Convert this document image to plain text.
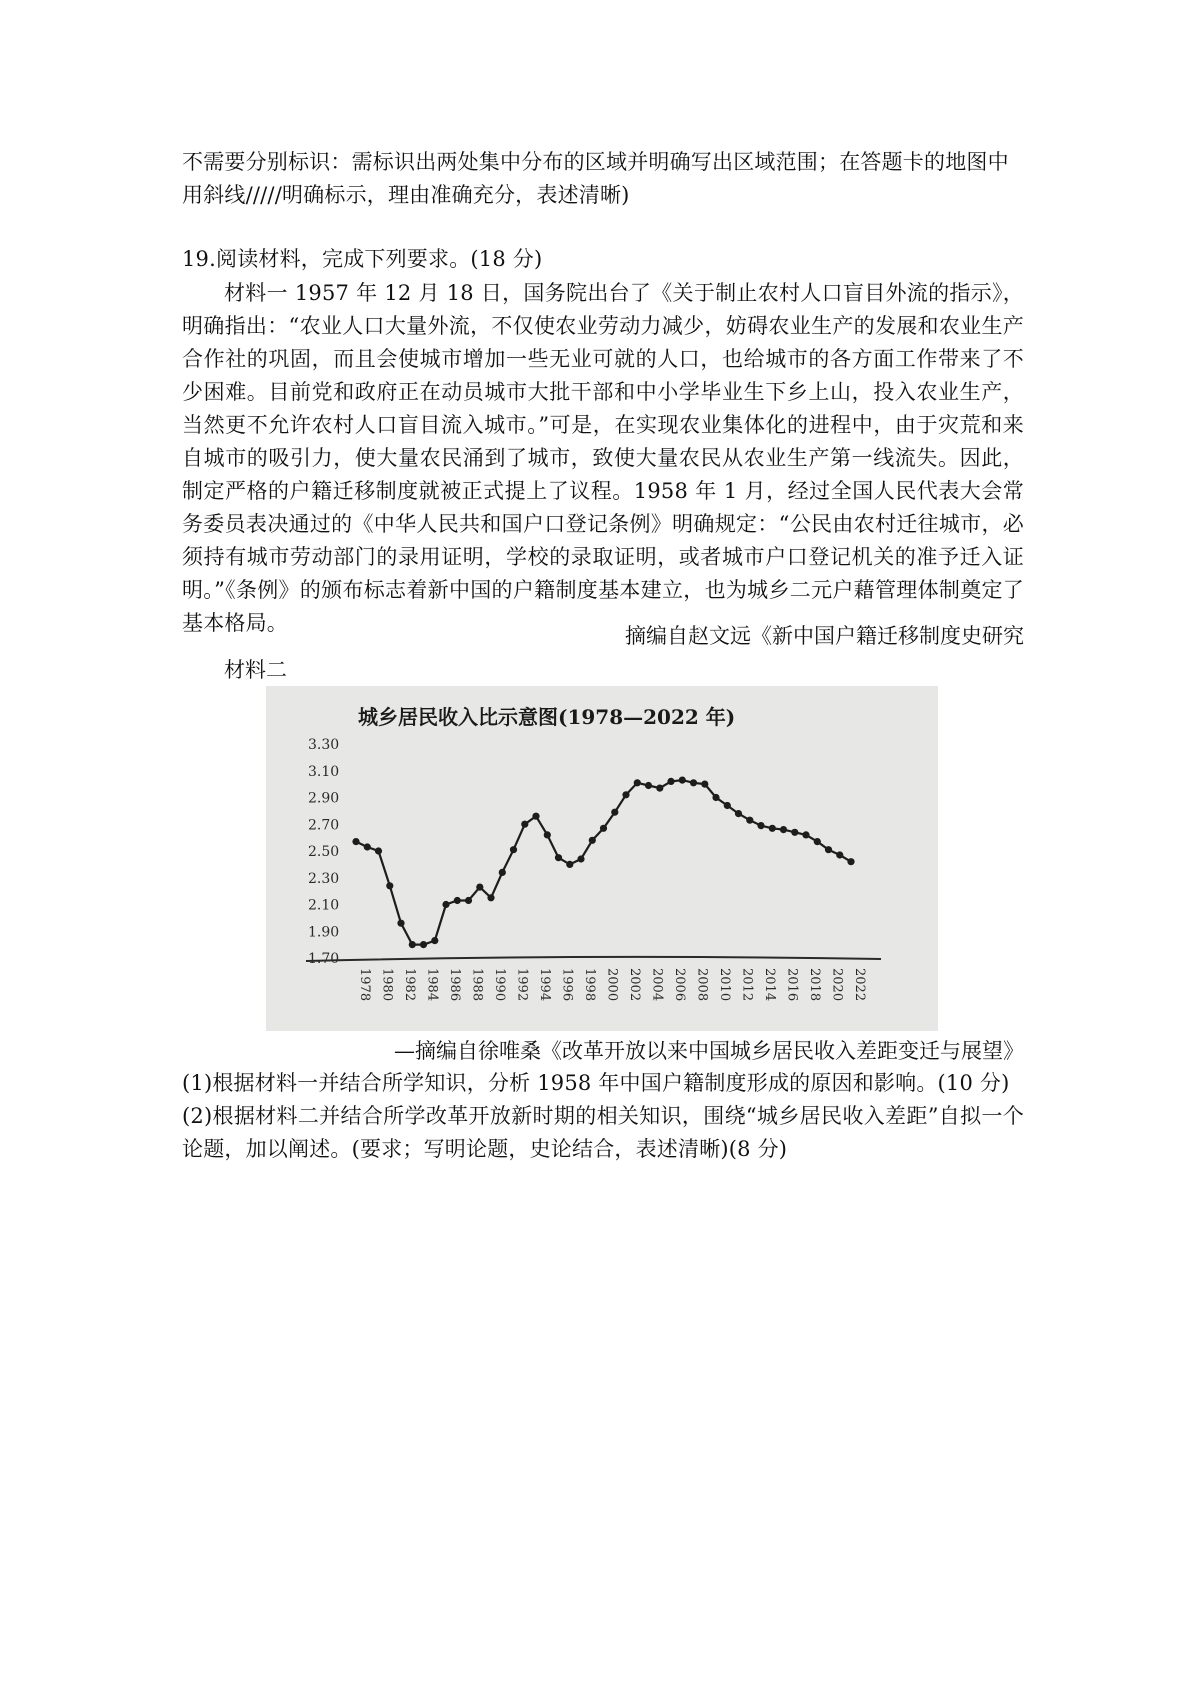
不需要分别标识：需标识出两处集中分布的区域并明确写出区域范围；在答题卡的地图中用斜线/////明确标示，理由准确充分，表述清晰)
19.阅读材料，完成下列要求。(18 分)
材料一 1957 年 12 月 18 日，国务院出台了《关于制止农村人口盲目外流的指示》，明确指出：“农业人口大量外流，不仅使农业劳动力减少，妨碍农业生产的发展和农业生产合作社的巩固，而且会使城市增加一些无业可就的人口，也给城市的各方面工作带来了不少困难。目前党和政府正在动员城市大批干部和中小学毕业生下乡上山，投入农业生产，当然更不允许农村人口盲目流入城市。”可是，在实现农业集体化的进程中，由于灾荒和来自城市的吸引力，使大量农民涌到了城市，致使大量农民从农业生产第一线流失。因此，制定严格的户籍迁移制度就被正式提上了议程。1958 年 1 月，经过全国人民代表大会常务委员表决通过的《中华人民共和国户口登记条例》明确规定：“公民由农村迁往城市，必须持有城市劳动部门的录用证明，学校的录取证明，或者城市户口登记机关的准予迁入证明。”《条例》的颁布标志着新中国的户籍制度基本建立，也为城乡二元户藉管理体制奠定了基本格局。
摘编自赵文远《新中国户籍迁移制度史研究
材料二
城乡居民收入比示意图(1978—2022 年)
3.30
3.10
2.90
2.70
2.50
2.30
2.10
1.90
1.70
1978 1980 1982 1984 1986 1988 1990 1992 1994 1996 1998 2000 2002 2004 2006 2008 2010 2012 2014 2016 2018 2020 2022
—摘编自徐唯桑《改革开放以来中国城乡居民收入差距变迁与展望》

(1)根据材料一并结合所学知识，分析 1958 年中国户籍制度形成的原因和影响。(10 分)

(2)根据材料二并结合所学改革开放新时期的相关知识，围绕“城乡居民收入差距”自拟一个论题，加以阐述。(要求；写明论题，史论结合，表述清晰)(8 分)
